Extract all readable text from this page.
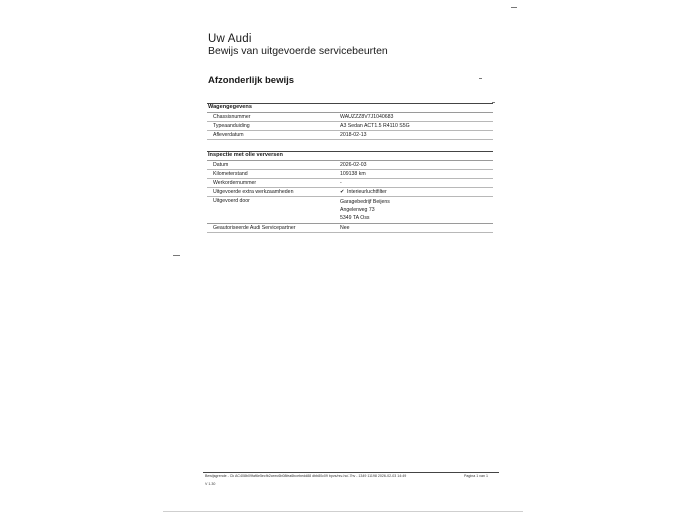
Uw Audi
Bewijs van uitgevoerde servicebeurten
Afzonderlijk bewijs
Wagengegevens
Chassisnummer	WAUZZZ8V7J1040683
Typeaanduiding	A3 Sedan ACT1.5 R4110 S5G
Afleverdatum	2018-02-13
Inspectie met olie verversen
Datum	2026-02-03
Kilometerstand	109138 km
Werkordernummer	-
Uitgevoerde extra werkzaamheden	✔ Interieurluchtfilter
Uitgevoerd door	Garagebedrijf Beijens
Angelerweg 73
5349 TA Oss
Geautoriseerde Audi Servicepartner	Nee
Bewijsgrende - Ck AC408b09faf6e5ecfb2ceec6b08fea6bcebedd88 dbb80c09 bpvs/rsv-hc/-7hv - 1349 11198 2026-02-03 14:49	Pagina 1 van 1
V 1.30
